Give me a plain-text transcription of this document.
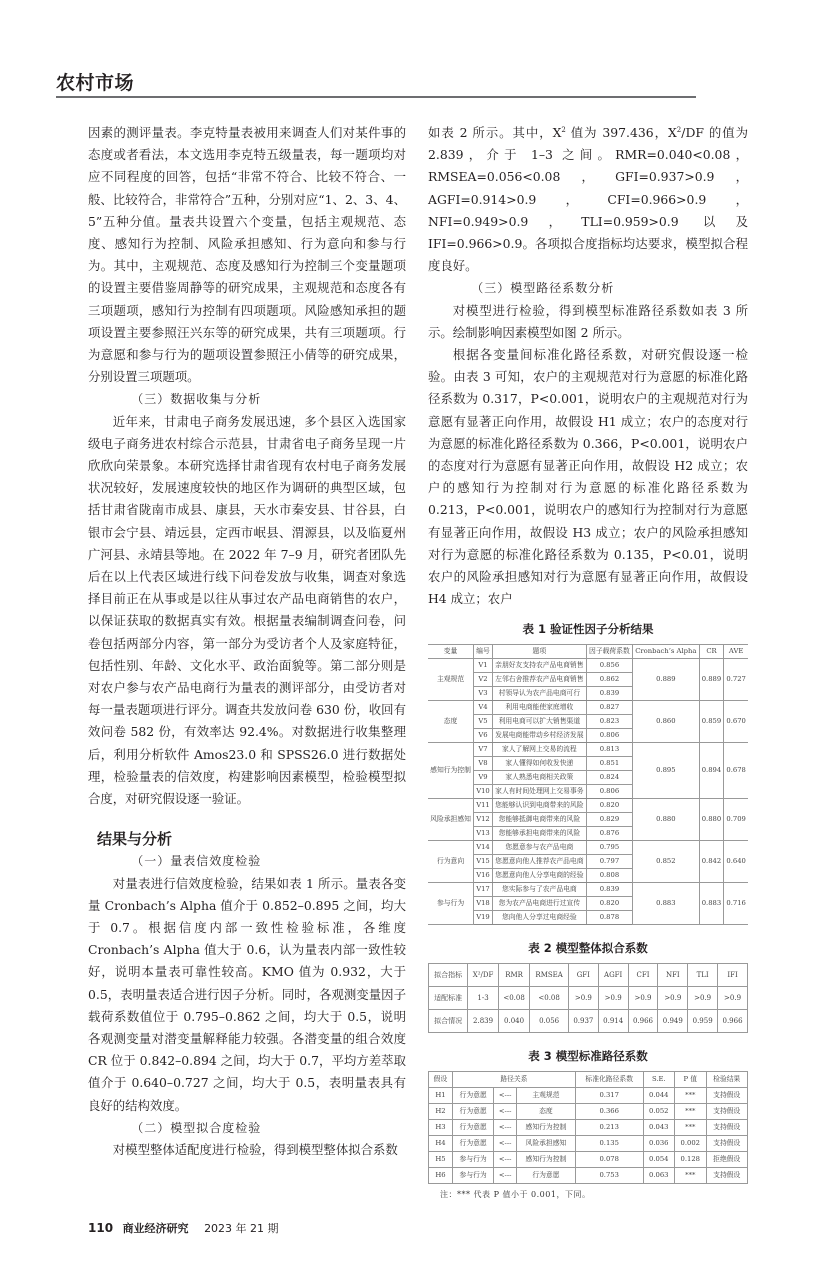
农村市场

因素的测评量表。李克特量表被用来调查人们对某件事的态度或者看法，本文选用李克特五级量表，每一题项均对应不同程度的回答，包括“非常不符合、比较不符合、一般、比较符合，非常符合”五种，分别对应“1、2、3、4、5”五种分值。量表共设置六个变量，包括主观规范、态度、感知行为控制、风险承担感知、行为意向和参与行为。其中，主观规范、态度及感知行为控制三个变量题项的设置主要借鉴周静等的研究成果，主观规范和态度各有三项题项，感知行为控制有四项题项。风险感知承担的题项设置主要参照汪兴东等的研究成果，共有三项题项。行为意愿和参与行为的题项设置参照汪小倩等的研究成果，分别设置三项题项。

（三）数据收集与分析

近年来，甘肃电子商务发展迅速，多个县区入选国家级电子商务进农村综合示范县，甘肃省电子商务呈现一片欣欣向荣景象。本研究选择甘肃省现有农村电子商务发展状况较好，发展速度较快的地区作为调研的典型区域，包括甘肃省陇南市成县、康县，天水市秦安县、甘谷县，白银市会宁县、靖远县，定西市岷县、渭源县，以及临夏州广河县、永靖县等地。在 2022 年 7–9 月，研究者团队先后在以上代表区域进行线下问卷发放与收集，调查对象选择目前正在从事或是以往从事过农产品电商销售的农户，以保证获取的数据真实有效。根据量表编制调查问卷，问卷包括两部分内容，第一部分为受访者个人及家庭特征，包括性别、年龄、文化水平、政治面貌等。第二部分则是对农户参与农产品电商行为量表的测评部分，由受访者对每一量表题项进行评分。调查共发放问卷 630 份，收回有效问卷 582 份，有效率达 92.4%。对数据进行收集整理后，利用分析软件 Amos23.0 和 SPSS26.0 进行数据处理，检验量表的信效度，构建影响因素模型，检验模型拟合度，对研究假设逐一验证。

结果与分析

（一）量表信效度检验

对量表进行信效度检验，结果如表 1 所示。量表各变量 Cronbach’s Alpha 值介于 0.852–0.895 之间，均大于 0.7。根据信度内部一致性检验标准，各维度 Cronbach’s Alpha 值大于 0.6，认为量表内部一致性较好，说明本量表可靠性较高。KMO 值为 0.932，大于 0.5，表明量表适合进行因子分析。同时，各观测变量因子载荷系数值位于 0.795–0.862 之间，均大于 0.5，说明各观测变量对潜变量解释能力较强。各潜变量的组合效度 CR 位于 0.842–0.894 之间，均大于 0.7，平均方差萃取值介于 0.640–0.727 之间，均大于 0.5，表明量表具有良好的结构效度。

（二）模型拟合度检验

对模型整体适配度进行检验，得到模型整体拟合系数

如表 2 所示。其中，$X^2$ 值为 397.436，$X^2/DF$ 的值为 2.839，介于 1–3 之间。RMR=0.040<0.08，RMSEA=0.056<0.08，GFI=0.937>0.9，AGFI=0.914>0.9，CFI=0.966>0.9，NFI=0.949>0.9，TLI=0.959>0.9 以及 IFI=0.966>0.9。各项拟合度指标均达要求，模型拟合程度良好。

（三）模型路径系数分析

对模型进行检验，得到模型标准路径系数如表 3 所示。绘制影响因素模型如图 2 所示。

根据各变量间标准化路径系数，对研究假设逐一检验。由表 3 可知，农户的主观规范对行为意愿的标准化路径系数为 0.317，P<0.001，说明农户的主观规范对行为意愿有显著正向作用，故假设 H1 成立；农户的态度对行为意愿的标准化路径系数为 0.366，P<0.001，说明农户的态度对行为意愿有显著正向作用，故假设 H2 成立；农户的感知行为控制对行为意愿的标准化路径系数为 0.213，P<0.001，说明农户的感知行为控制对行为意愿有显著正向作用，故假设 H3 成立；农户的风险承担感知对行为意愿的标准化路径系数为 0.135，P<0.01，说明农户的风险承担感知对行为意愿有显著正向作用，故假设 H4 成立；农户

表 1 验证性因子分析结果
变量	编号	题项	因子载荷系数	Cronbach’s Alpha	CR	AVE
主观规范	V1	亲朋好友支持农产品电商销售	0.856	0.889	0.889	0.727
	V2	左邻右舍推荐农产品电商销售	0.862			
	V3	村领导认为农产品电商可行	0.839			
态度	V4	利用电商能使家庭增收	0.827	0.860	0.859	0.670
	V5	利用电商可以扩大销售渠道	0.823			
	V6	发展电商能带动乡村经济发展	0.806			
感知行为控制	V7	家人了解网上交易的流程	0.813	0.895	0.894	0.678
	V8	家人懂得如何收发快递	0.851			
	V9	家人熟悉电商相关政策	0.824			
	V10	家人有时间处理网上交易事务	0.806			
风险承担感知	V11	您能够认识到电商带来的风险	0.820	0.880	0.880	0.709
	V12	您能够抵御电商带来的风险	0.829			
	V13	您能够承担电商带来的风险	0.876			
行为意向	V14	您愿意参与农产品电商	0.795	0.852	0.842	0.640
	V15	您愿意向他人推荐农产品电商	0.797			
	V16	您愿意向他人分享电商的经验	0.808			
参与行为	V17	您实际参与了农产品电商	0.839	0.883	0.883	0.716
	V18	您为农产品电商进行过宣传	0.820			
	V19	您向他人分享过电商经验	0.878			
表 2 模型整体拟合系数
拟合指标	X²/DF	RMR	RMSEA	GFI	AGFI	CFI	NFI	TLI	IFI
适配标准	1-3	<0.08	<0.08	>0.9	>0.9	>0.9	>0.9	>0.9	>0.9
拟合情况	2.839	0.040	0.056	0.937	0.914	0.966	0.949	0.959	0.966
表 3 模型标准路径系数
假设	路径关系			标准化路径系数	S.E.	P 值	检验结果
H1	行为意愿	<---	主观规范	0.317	0.044	***	支持假设
H2	行为意愿	<---	态度	0.366	0.052	***	支持假设
H3	行为意愿	<---	感知行为控制	0.213	0.043	***	支持假设
H4	行为意愿	<---	风险承担感知	0.135	0.036	0.002	支持假设
H5	参与行为	<---	感知行为控制	0.078	0.054	0.128	拒绝假设
H6	参与行为	<---	行为意愿	0.753	0.063	***	支持假设
注：*** 代表 P 值小于 0.001，下同。
110 商业经济研究 2023 年 21 期
